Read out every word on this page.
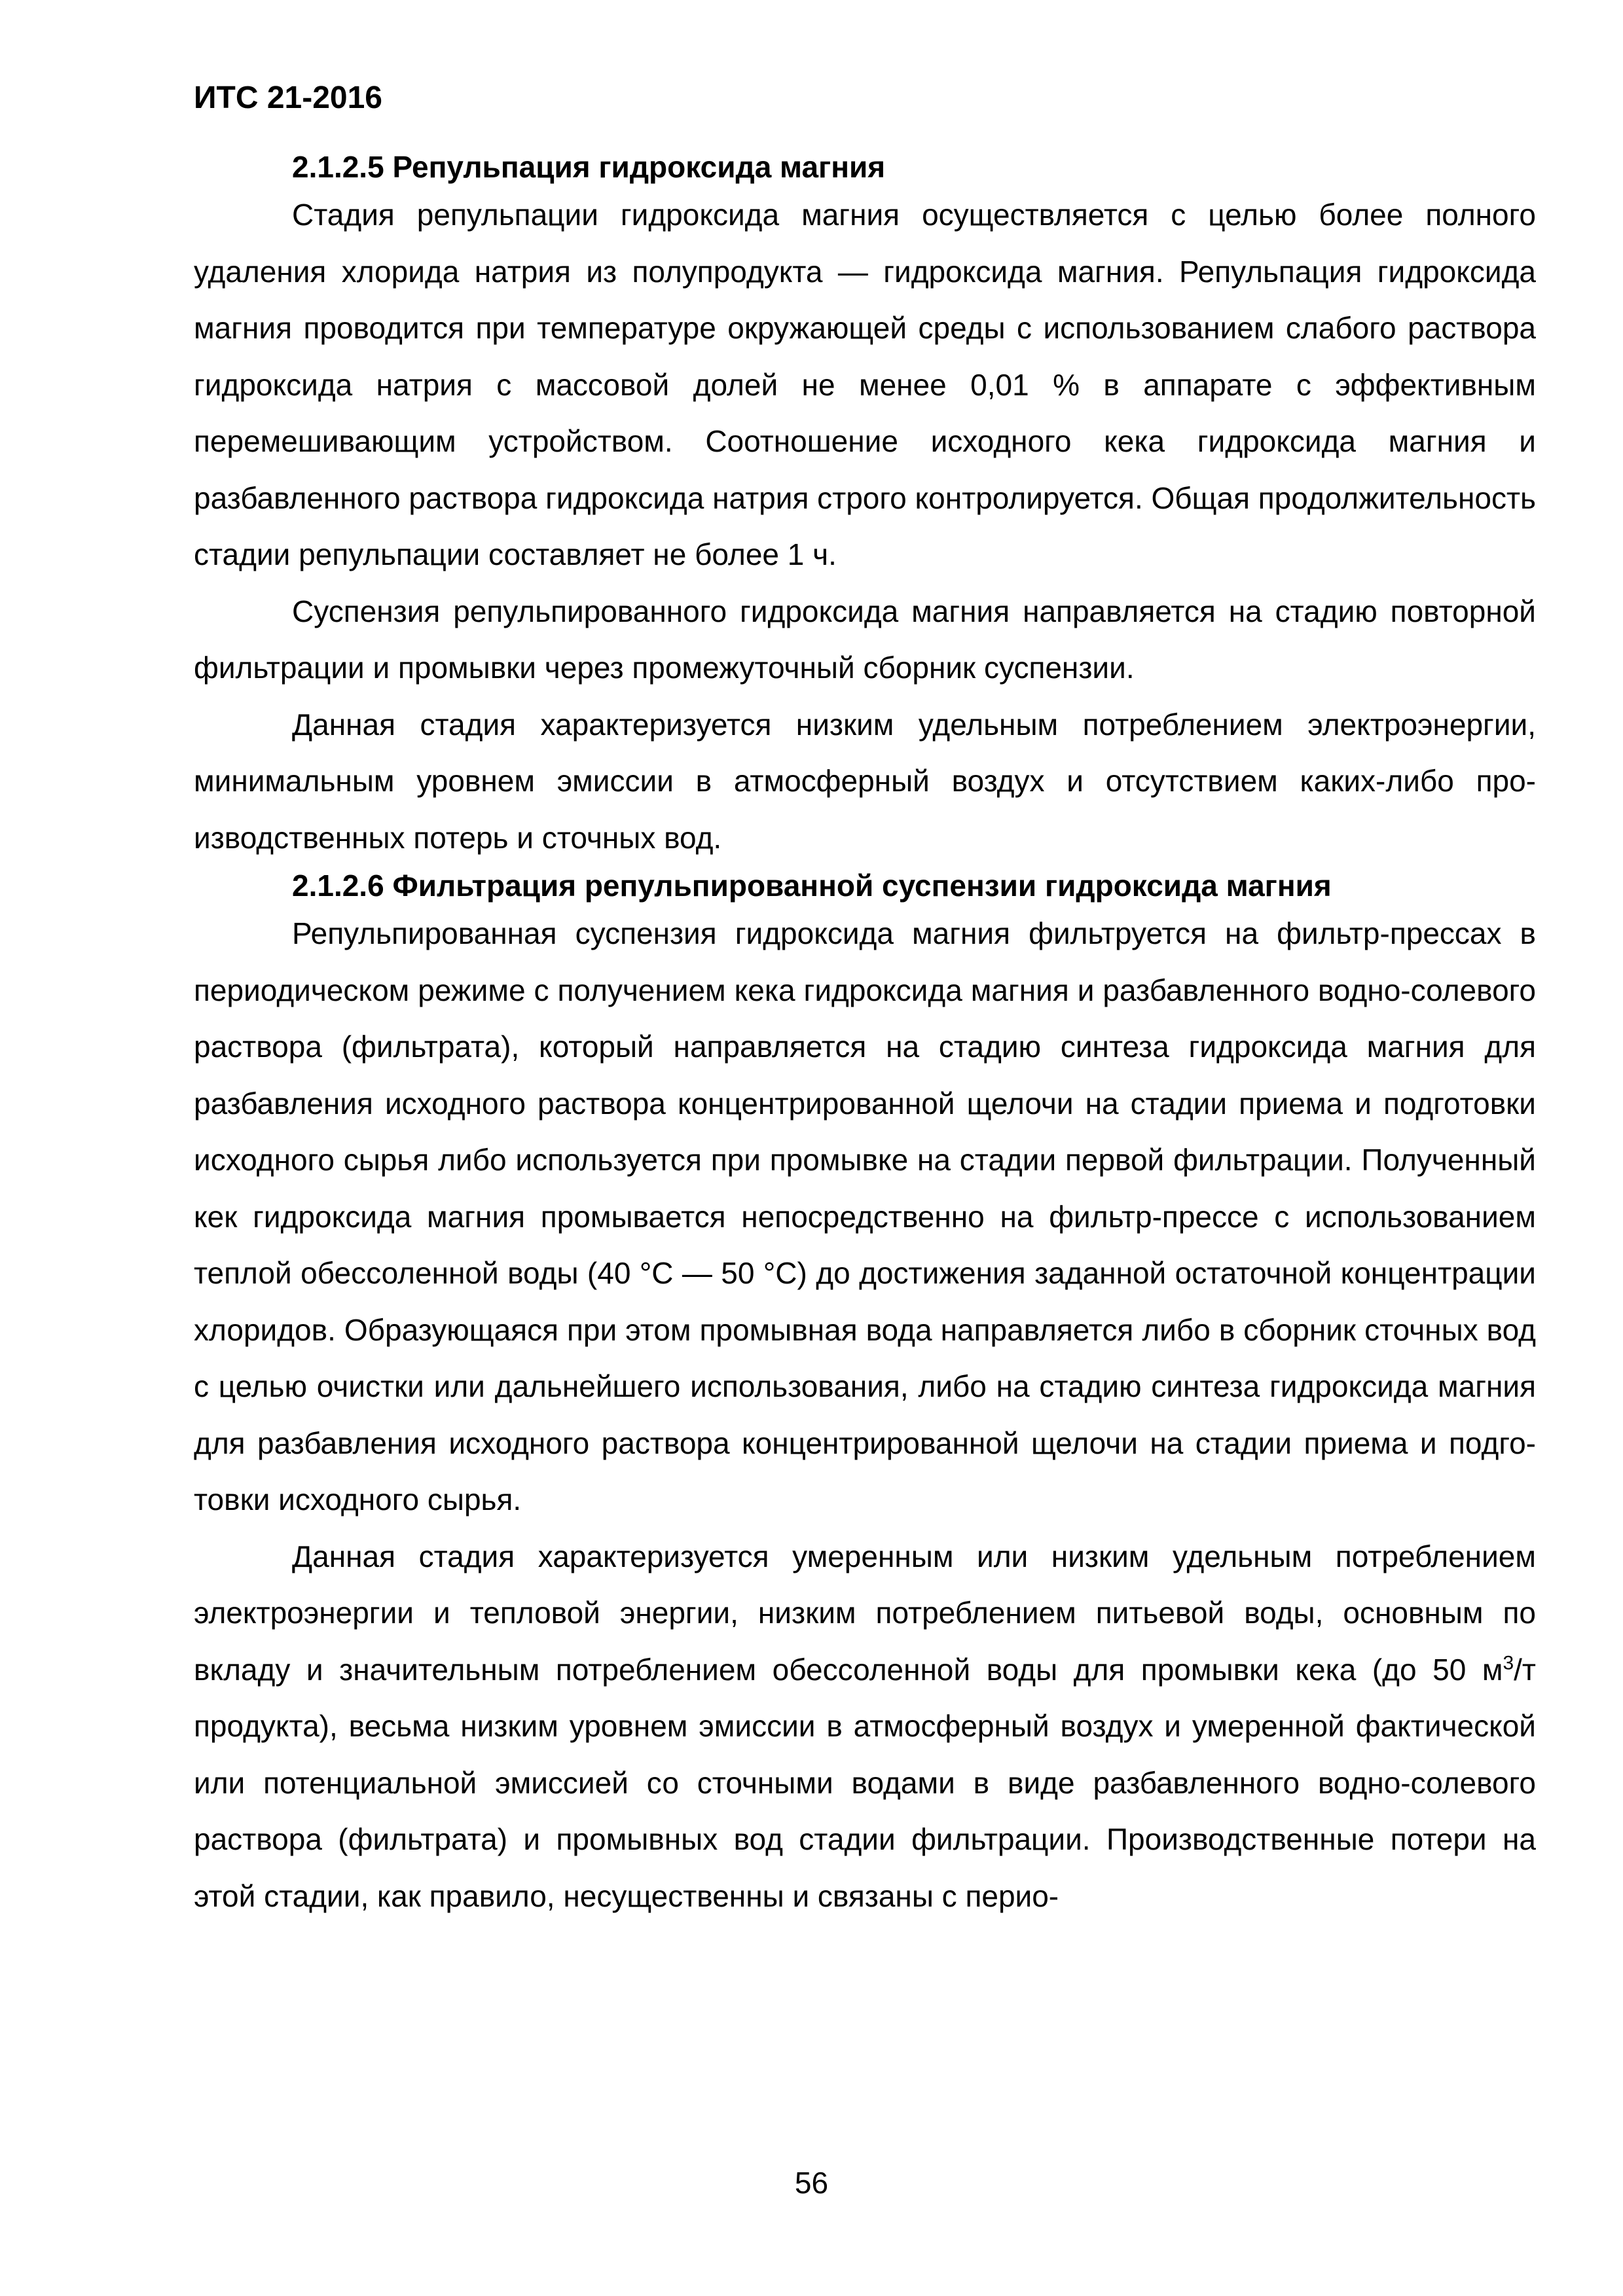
ИТС 21-2016
2.1.2.5 Репульпация гидроксида магния

Стадия репульпации гидроксида магния осуществляется с целью более полного удаления хлорида натрия из полупродукта — гидроксида магния. Репульпация гидроксида магния проводится при температуре окружающей среды с использованием слабого раствора гидроксида натрия с массовой долей не менее 0,01 % в аппарате с эффективным перемешивающим устройством. Соотношение исходного кека гидроксида магния и разбавленного раствора гидроксида натрия строго контролируется. Общая продолжительность стадии репульпации составляет не более 1 ч.

Суспензия репульпированного гидроксида магния направляется на стадию повторной фильтрации и промывки через промежуточный сборник суспензии.

Данная стадия характеризуется низким удельным потреблением электроэнергии, минимальным уровнем эмиссии в атмосферный воздух и отсутствием каких-либо производственных потерь и сточных вод.

2.1.2.6 Фильтрация репульпированной суспензии гидроксида магния

Репульпированная суспензия гидроксида магния фильтруется на фильтр-прессах в периодическом режиме с получением кека гидроксида магния и разбавленного водно-солевого раствора (фильтрата), который направляется на стадию синтеза гидроксида магния для разбавления исходного раствора концентрированной щелочи на стадии приема и подготовки исходного сырья либо используется при промывке на стадии первой фильтрации. Полученный кек гидроксида магния промывается непосредственно на фильтр-прессе с использованием теплой обессоленной воды (40 °С — 50 °С) до достижения заданной остаточной концентрации хлоридов. Образующаяся при этом промывная вода направляется либо в сборник сточных вод с целью очистки или дальнейшего использования, либо на стадию синтеза гидроксида магния для разбавления исходного раствора концентрированной щелочи на стадии приема и подготовки исходного сырья.

Данная стадия характеризуется умеренным или низким удельным потреблением электроэнергии и тепловой энергии, низким потреблением питьевой воды, основным по вкладу и значительным потреблением обессоленной воды для промывки кека (до 50 $м^3/т$ продукта), весьма низким уровнем эмиссии в атмосферный воздух и умеренной фактической или потенциальной эмиссией со сточными водами в виде разбавленного водно-солевого раствора (фильтрата) и промывных вод стадии фильтрации. Производственные потери на этой стадии, как правило, несущественны и связаны с перио-

56
